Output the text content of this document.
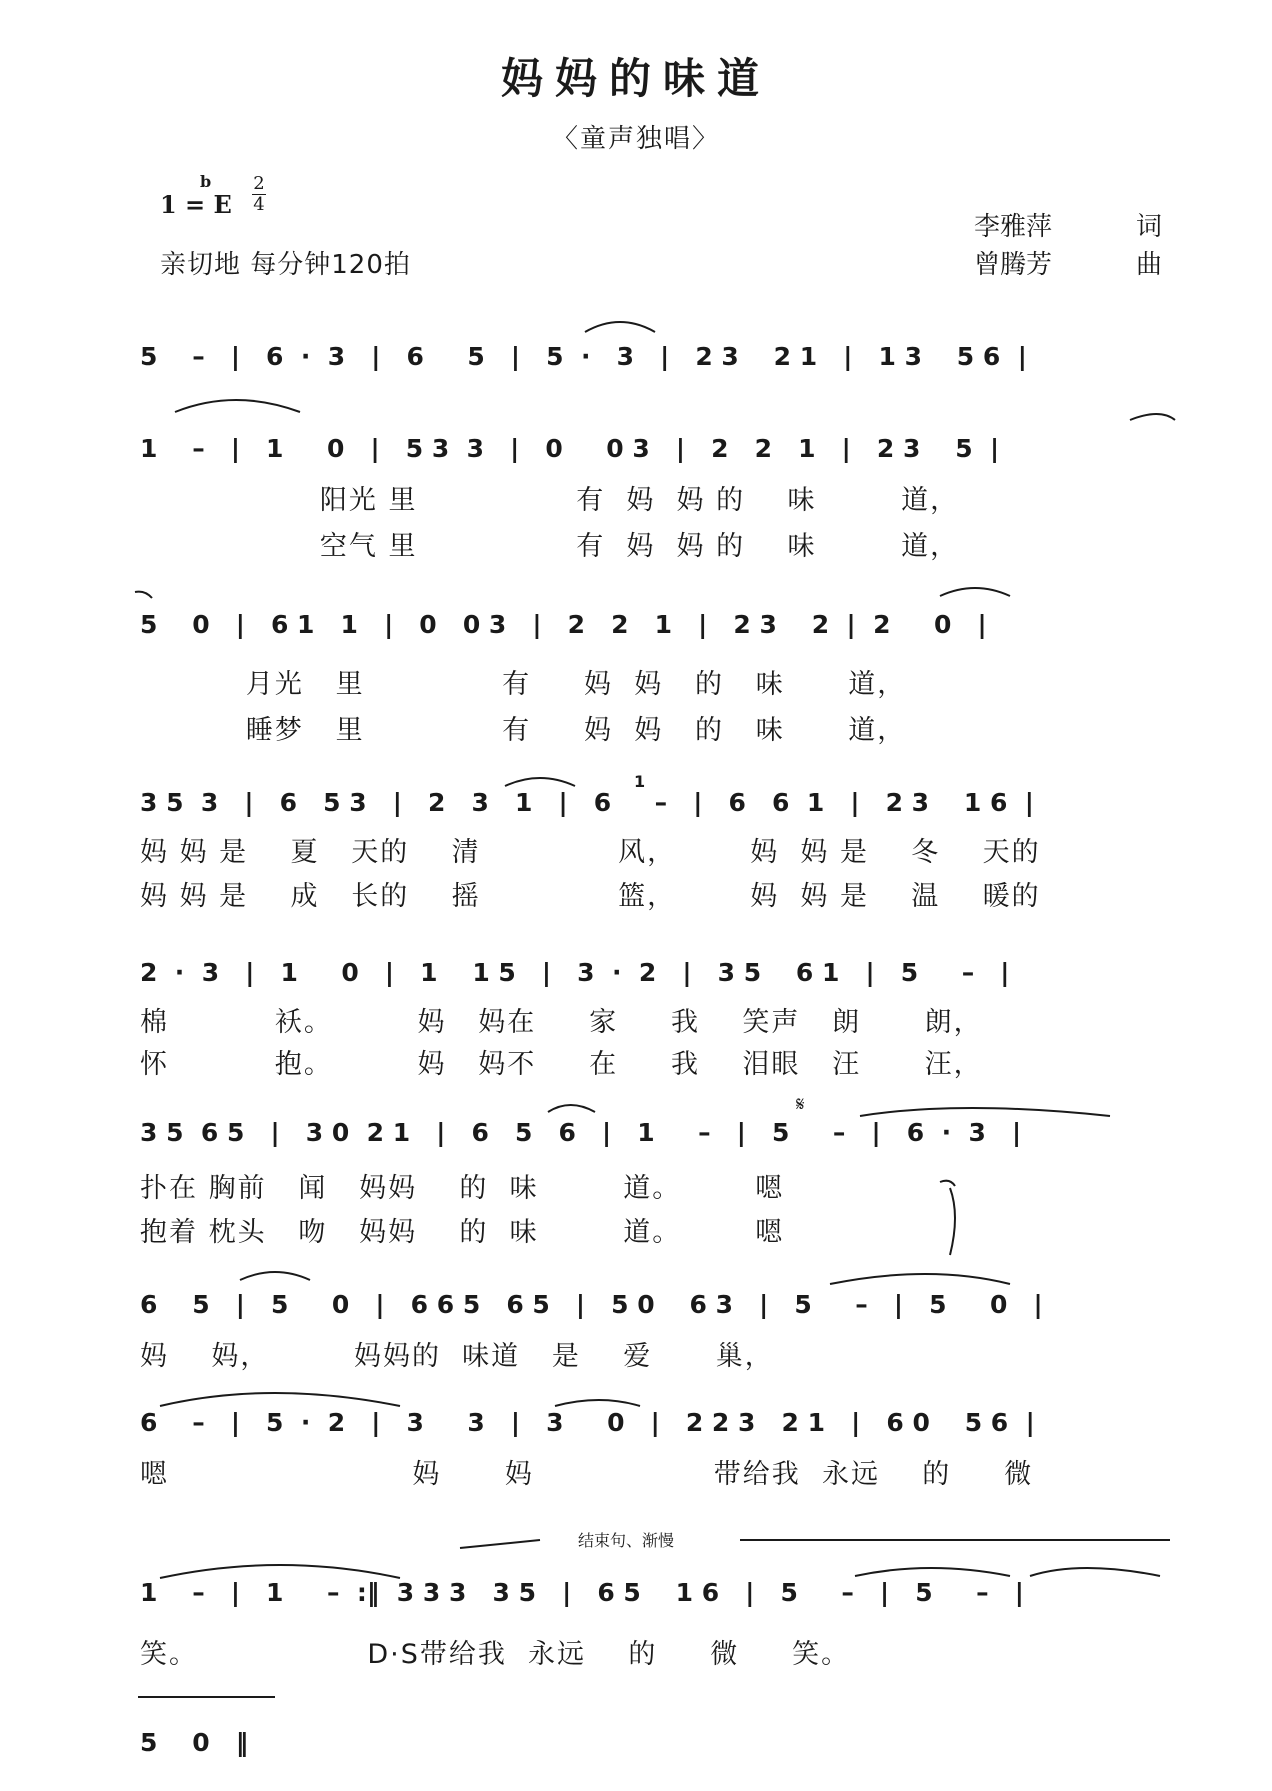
妈妈的味道
〈童声独唱〉
1 = E
b 2
4
亲切地 每分钟120拍
李雅萍	词
曾腾芳	曲
5    –   |   6  ·  3   |   6     5   |   5  ·   3   |   2 3    2 1   |   1 3    5 6  |
1    –   |   1     0   |   5 3  3   |   0     0 3   |   2   2   1   |   2 3    5  |
阳光 里               有  妈  妈 的    味        道，
空气 里               有  妈  妈 的    味        道，
5    0   |   6 1   1   |   0   0 3   |   2   2   1   |   2 3    2  |  2     0   |
月光   里             有     妈  妈   的   味      道，
睡梦   里             有     妈  妈   的   味      道，
3 5  3   |   6   5 3   |   2   3   1   |   6     –   |   6   6  1   |   2 3    1 6  |
妈 妈 是    夏   天的    清             风，       妈  妈 是    冬    天的
妈 妈 是    成   长的    摇             篮，       妈  妈 是    温    暖的
2  ·  3   |   1     0   |   1    1 5   |   3  ·  2   |   3 5    6 1   |   5     –   |
棉          袄。        妈   妈在     家     我    笑声   朗      朗，
怀          抱。        妈   妈不     在     我    泪眼   汪      汪，
3 5  6 5   |   3 0  2 1   |   6   5   6   |   1     –   |   5     –   |   6  ·  3   |
扑在 胸前   闻   妈妈    的  味        道。       嗯
抱着 枕头   吻   妈妈    的  味        道。       嗯
6    5   |   5     0   |   6 6 5   6 5   |   5 0    6 3   |   5     –   |   5     0   |
妈    妈，        妈妈的  味道   是    爱      巢，
6    –   |   5  ·  2   |   3     3   |   3     0   |   2 2 3   2 1   |   6 0    5 6  |
嗯                       妈      妈                 带给我  永远    的     微
1    –   |   1     –  :‖  3 3 3   3 5   |   6 5    1 6   |   5     –   |   5     –   |
笑。                D·S带给我  永远    的     微     笑。
5    0   ‖
结束句、渐慢
1
𝄋
